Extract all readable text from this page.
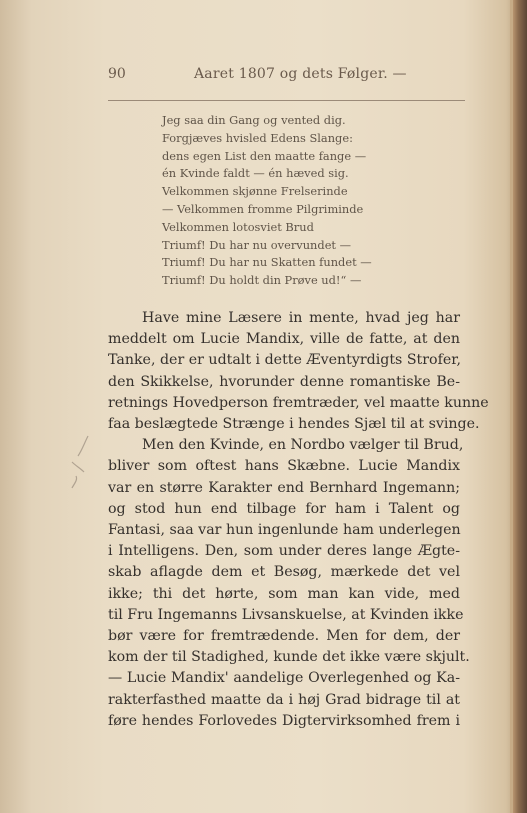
90	Aaret 1807 og dets Følger. —
Jeg saa din Gang og vented dig.
Forgjæves hvisled Edens Slange:
dens egen List den maatte fange —
én Kvinde faldt — én hæved sig.
Velkommen skjønne Frelserinde
— Velkommen fromme Pilgriminde
Velkommen lotosviet Brud
Triumf! Du har nu overvundet —
Triumf! Du har nu Skatten fundet —
Triumf! Du holdt din Prøve ud!“ —
Have mine Læsere in mente, hvad jeg har
meddelt om Lucie Mandix, ville de fatte, at den
Tanke, der er udtalt i dette Æventyrdigts Strofer,
den Skikkelse, hvorunder denne romantiske Be-
retnings Hovedperson fremtræder, vel maatte kunne
faa beslægtede Strænge i hendes Sjæl til at svinge.
Men den Kvinde, en Nordbo vælger til Brud,
bliver som oftest hans Skæbne. Lucie Mandix
var en større Karakter end Bernhard Ingemann;
og stod hun end tilbage for ham i Talent og
Fantasi, saa var hun ingenlunde ham underlegen
i Intelligens. Den, som under deres lange Ægte-
skab aflagde dem et Besøg, mærkede det vel
ikke; thi det hørte, som man kan vide, med
til Fru Ingemanns Livsanskuelse, at Kvinden ikke
bør være for fremtrædende. Men for dem, der
kom der til Stadighed, kunde det ikke være skjult.
— Lucie Mandix' aandelige Overlegenhed og Ka-
rakterfasthed maatte da i høj Grad bidrage til at
føre hendes Forlovedes Digtervirksomhed frem i
